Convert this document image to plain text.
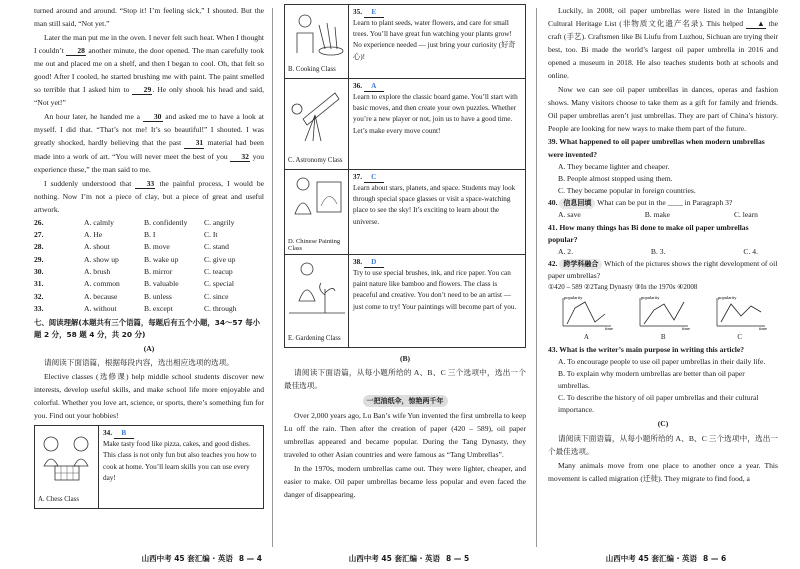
turned around and around. “Stop it! I’m feeling sick,” I shouted. But the man still said, “Not yet.”

Later the man put me in the oven. I never felt such heat. When I thought I couldn’t 28 another minute, the door opened. The man carefully took me out and placed me on a shelf, and then I began to cool. Oh, that felt so good! After I cooled, he started brushing me with paint. The paint smelled so terrible that I asked him to 29. He only shook his head and said, “Not yet!”

An hour later, he handed me a 30 and asked me to have a look at myself. I did that. “That’s not me! It’s so beautiful!” I shouted. I was greatly shocked, hardly believing that the past 31 material had been made into a work of art. “You will never meet the best of you 32 you experience these,” the man said to me.

I suddenly understood that 33 the painful process, I would be nothing. Now I’m not a piece of clay, but a piece of great and useful artwork.

26.	A. calmly	B. confidently	C. angrily
27.	A. He	B. I	C. It
28.	A. shout	B. move	C. stand
29.	A. show up	B. wake up	C. give up
30.	A. brush	B. mirror	C. teacup
31.	A. common	B. valuable	C. special
32.	A. because	B. unless	C. since
33.	A. without	B. except	C. through
七、阅读理解(本题共有三个语篇，每题后有五个小题，34～57 每小题 2 分，58 题 4 分，共 20 分)
(A)

请阅读下面语篇，根据每段内容，选出相应选项的选项。

Elective classes (选修课) help middle school students discover new interests, develop useful skills, and make school life more enjoyable and colorful. Whether you love art, science, or sports, there’s something fun for you. Find out your hobbies!

A. Chess Class
34. B
Make tasty food like pizza, cakes, and good dishes. This class is not only fun but also teaches you how to cook at home. You’ll learn skills you can use every day!
山西中考 45 套汇编 · 英语 8 — 4
B. Cooking Class
35. E
Learn to plant seeds, water flowers, and care for small trees. You’ll have great fun watching your plants grow! No experience needed — just bring your curiosity (好奇心)!
C. Astronomy Class
36. A
Learn to explore the classic board game. You’ll start with basic moves, and then create your own puzzles. Whether you’re a new player or not, join us to have a good time. Let’s make every move count!
D. Chinese Painting Class
37. C
Learn about stars, planets, and space. Students may look through special space glasses or visit a space-watching place to see the sky! It’s exciting to learn about the universe.
E. Gardening Class
38. D
Try to use special brushes, ink, and rice paper. You can paint nature like bamboo and flowers. The class is peaceful and creative. You don’t need to be an artist — just come to try! Your paintings will become part of you.
(B)

请阅读下面语篇，从每小题所给的 A、B、C 三个选项中，选出一个最佳选项。

一把油纸伞，惊艳两千年

Over 2,000 years ago, Lu Ban’s wife Yun invented the first umbrella to keep Lu off the rain. Then after the creation of paper (420 – 589), oil paper umbrellas appeared and became popular. During the Tang Dynasty, they traveled to other Asian countries and were famous as “Tang Umbrellas”.

In the 1970s, modern umbrellas came out. They were lighter, cheaper, and easier to make. Oil paper umbrellas became less popular and even faced the danger of disappearing.

山西中考 45 套汇编 · 英语 8 — 5

Luckily, in 2008, oil paper umbrellas were listed in the Intangible Cultural Heritage List (非物质文化遗产名录). This helped ▲ the craft (手艺). Craftsmen like Bi Liufu from Luzhou, Sichuan are trying their best, too. Bi made the world’s largest oil paper umbrella in 2016 and opened a museum in 2018. He also teaches students both at schools and online.

Now we can see oil paper umbrellas in dances, operas and fashion shows. Many visitors choose to take them as a gift for family and friends. Oil paper umbrellas aren’t just umbrellas. They are part of China’s history. People are looking for new ways to make them part of the future.

39. What happened to oil paper umbrellas when modern umbrellas were invented?
A. They became lighter and cheaper.
B. People almost stopped using them.
C. They became popular in foreign countries.
40. 信息回填 What can be put in the ____ in Paragraph 3?
A. save	B. make	C. learn
41. How many things has Bi done to make oil paper umbrellas popular?
A. 2.	B. 3.	C. 4.
42. 跨学科融合 Which of the pictures shows the right development of oil paper umbrellas?
①420 – 589 ②2Tang Dynasty ③In the 1970s ④2008
time
popularity
time
popularity
time
popularity
A	B	C
43. What is the writer’s main purpose in writing this article?
A. To encourage people to use oil paper umbrellas in their daily life.
B. To explain why modern umbrellas are better than oil paper umbrellas.
C. To describe the history of oil paper umbrellas and their cultural importance.
(C)

请阅读下面语篇，从每小题所给的 A、B、C 三个选项中，选出一个最佳选项。

Many animals move from one place to another once a year. This movement is called migration (迁徙). They migrate to find food, a

山西中考 45 套汇编 · 英语 8 — 6
